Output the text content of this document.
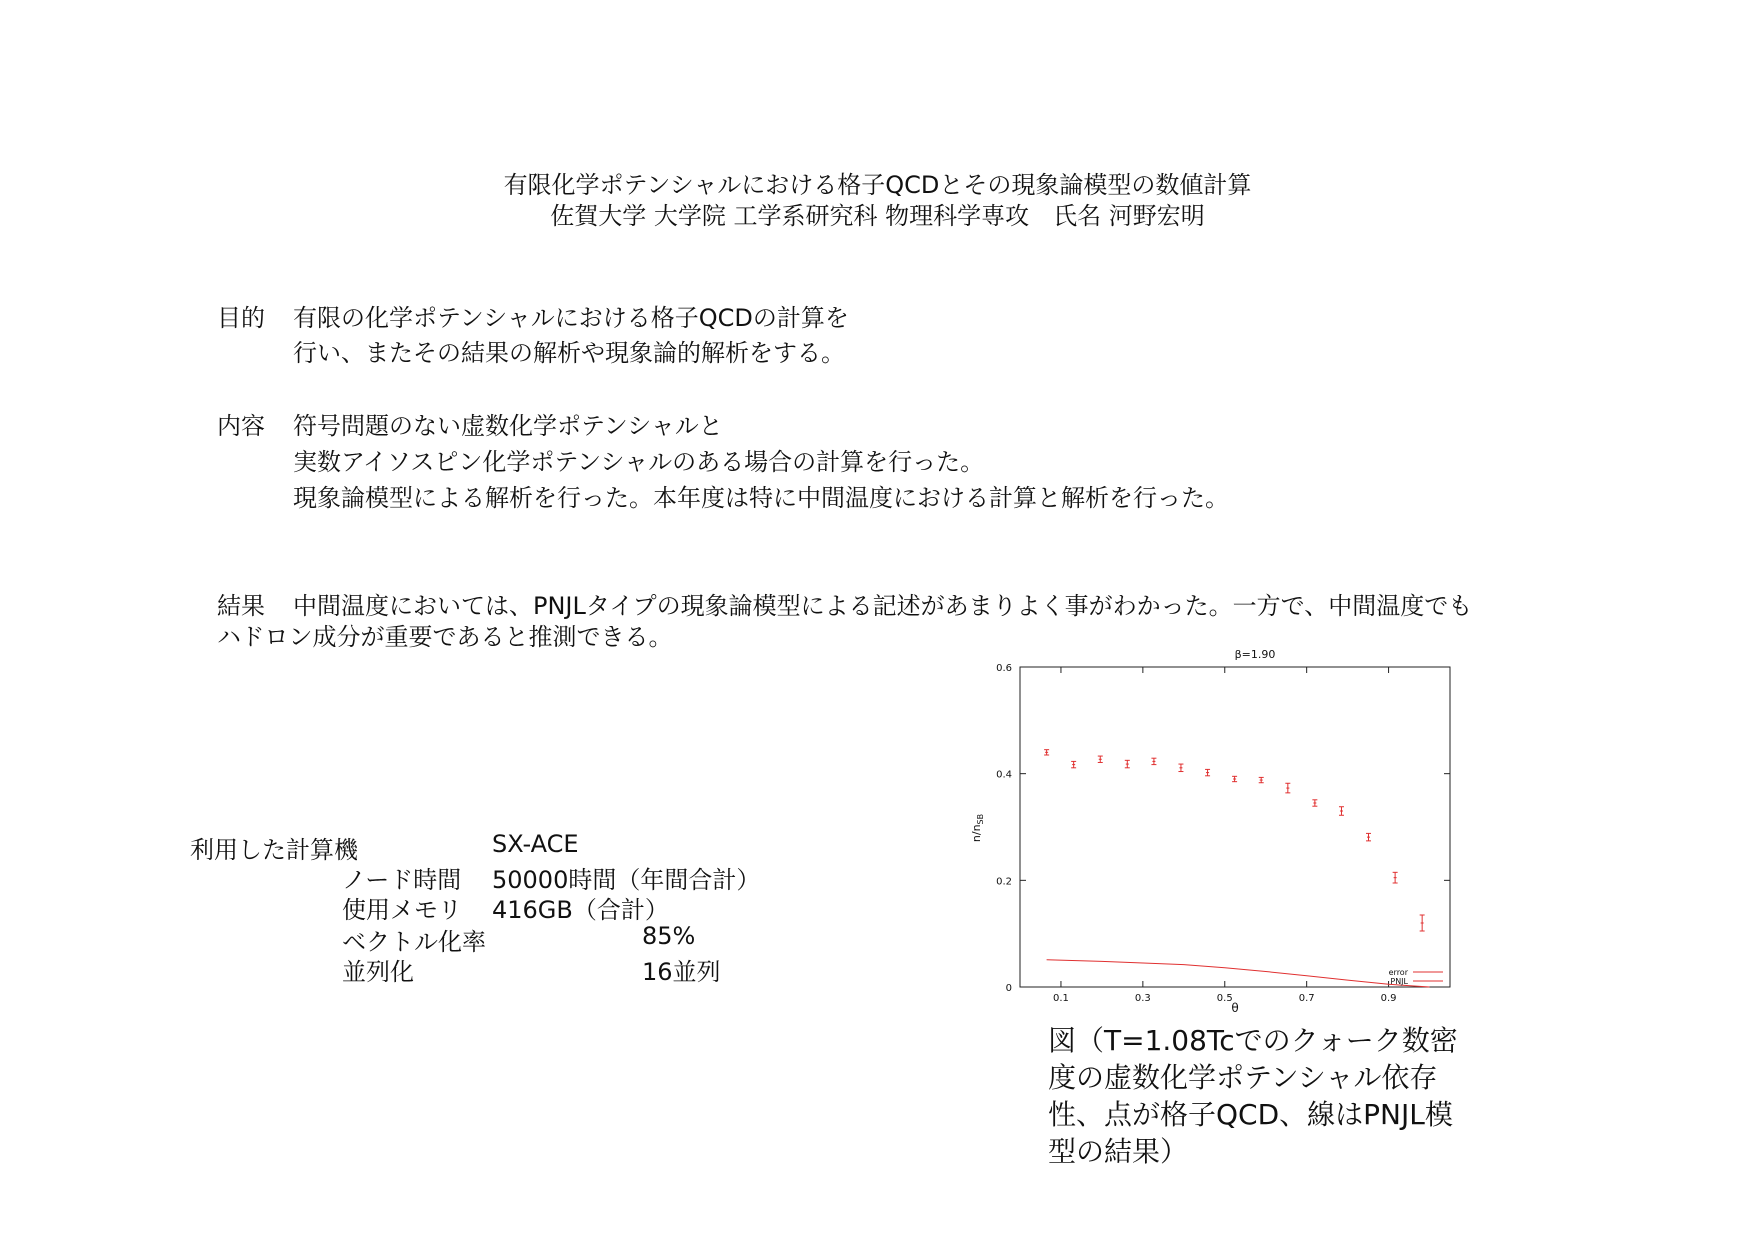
有限化学ポテンシャルにおける格子QCDとその現象論模型の数値計算
佐賀大学 大学院 工学系研究科 物理科学専攻　氏名 河野宏明
目的 有限の化学ポテンシャルにおける格子QCDの計算を
行い、またその結果の解析や現象論的解析をする。
内容 符号問題のない虚数化学ポテンシャルと
実数アイソスピン化学ポテンシャルのある場合の計算を行った。
現象論模型による解析を行った。本年度は特に中間温度における計算と解析を行った。
結果 中間温度においては、PNJLタイプの現象論模型による記述があまりよく事がわかった。一方で、中間温度でも
ハドロン成分が重要であると推測できる。
利用した計算機	SX-ACE
ノード時間 50000時間（年間合計）
使用メモリ 416GB（合計）
ベクトル化率	85%
並列化	16並列
β=1.90
0
0.2
0.4
0.6
0.1	0.3	0.5	0.7	0.9
θ
$n/n_{SB}$
error
PNJL
図（T=1.08Tcでのクォーク数密
度の虚数化学ポテンシャル依存
性、点が格子QCD、線はPNJL模
型の結果）
